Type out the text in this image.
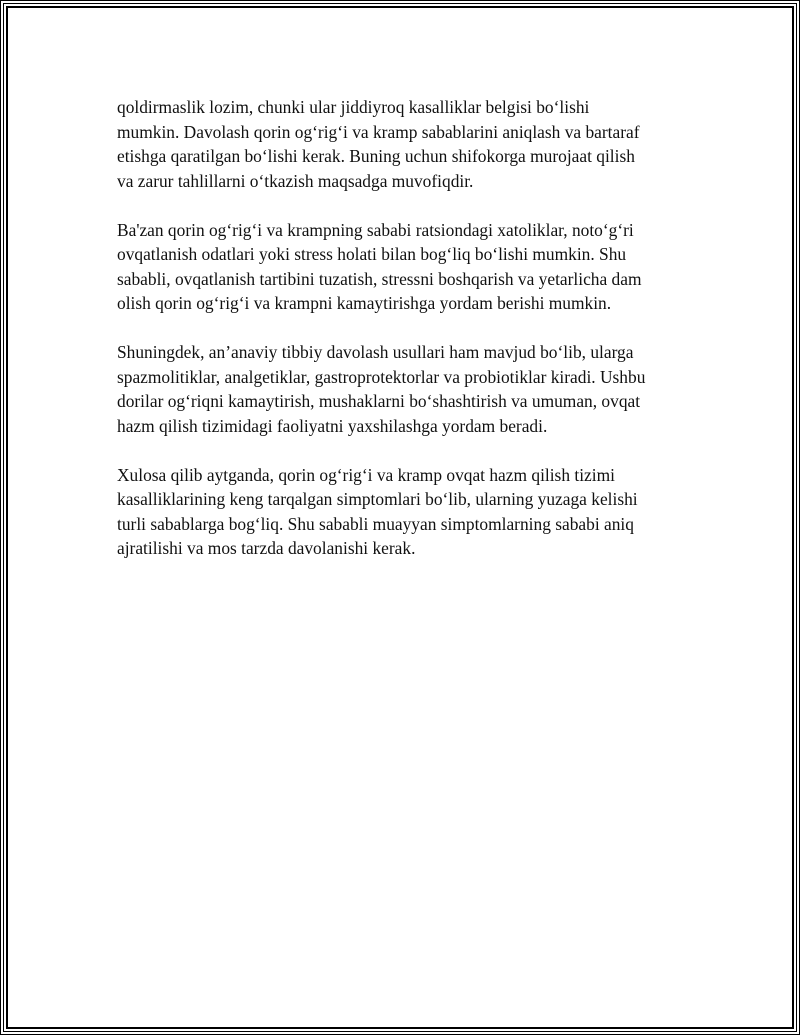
qoldirmaslik lozim, chunki ular jiddiyroq kasalliklar belgisi bo‘lishi
mumkin. Davolash qorin og‘rig‘i va kramp sabablarini aniqlash va bartaraf
etishga qaratilgan bo‘lishi kerak. Buning uchun shifokorga murojaat qilish
va zarur tahlillarni o‘tkazish maqsadga muvofiqdir.

Ba'zan qorin og‘rig‘i va krampning sababi ratsiondagi xatoliklar, noto‘g‘ri
ovqatlanish odatlari yoki stress holati bilan bog‘liq bo‘lishi mumkin. Shu
sababli, ovqatlanish tartibini tuzatish, stressni boshqarish va yetarlicha dam
olish qorin og‘rig‘i va krampni kamaytirishga yordam berishi mumkin.

Shuningdek, an’anaviy tibbiy davolash usullari ham mavjud bo‘lib, ularga
spazmolitiklar, analgetiklar, gastroprotektorlar va probiotiklar kiradi. Ushbu
dorilar og‘riqni kamaytirish, mushaklarni bo‘shashtirish va umuman, ovqat
hazm qilish tizimidagi faoliyatni yaxshilashga yordam beradi.

Xulosa qilib aytganda, qorin og‘rig‘i va kramp ovqat hazm qilish tizimi
kasalliklarining keng tarqalgan simptomlari bo‘lib, ularning yuzaga kelishi
turli sabablarga bog‘liq. Shu sababli muayyan simptomlarning sababi aniq
ajratilishi va mos tarzda davolanishi kerak.
